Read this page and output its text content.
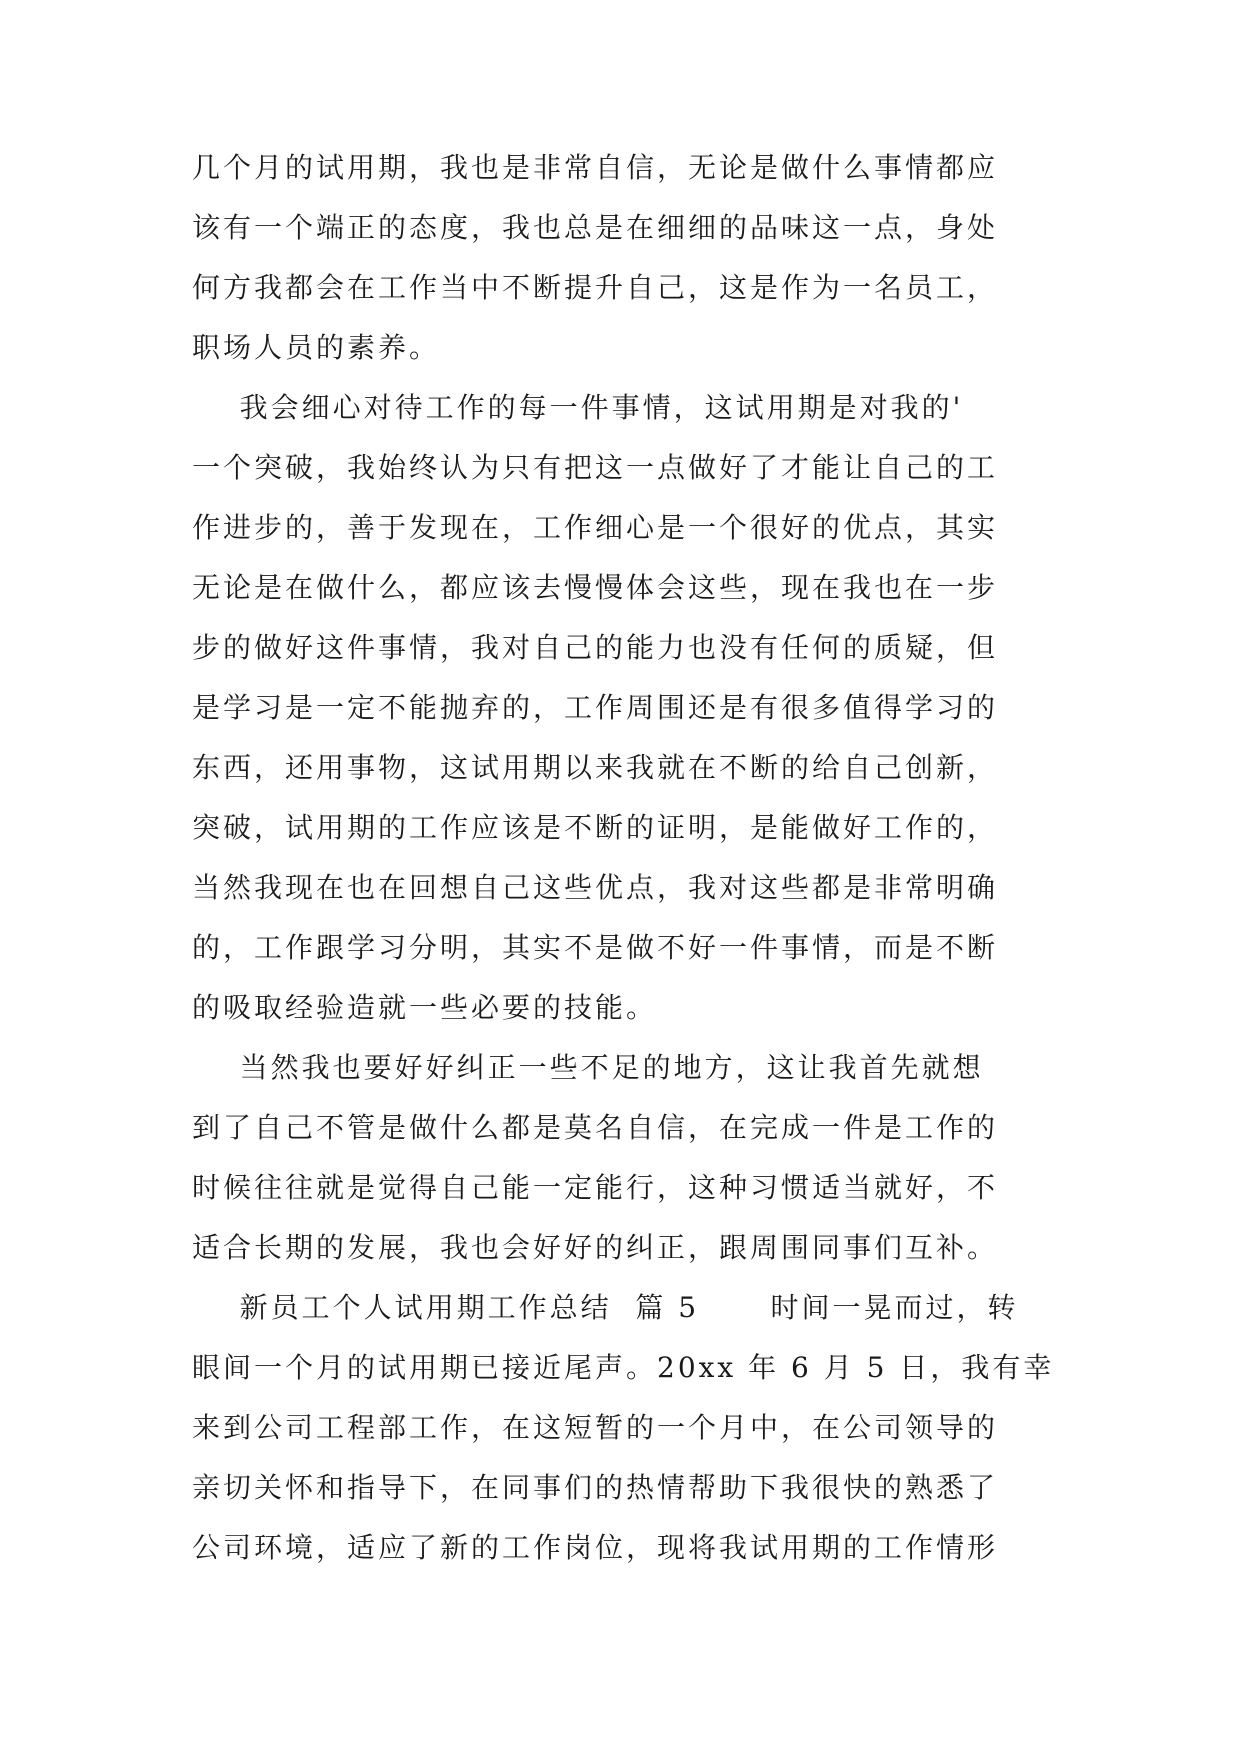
几个月的试用期，我也是非常自信，无论是做什么事情都应
该有一个端正的态度，我也总是在细细的品味这一点，身处
何方我都会在工作当中不断提升自己，这是作为一名员工，
职场人员的素养。
我会细心对待工作的每一件事情，这试用期是对我的'
一个突破，我始终认为只有把这一点做好了才能让自己的工
作进步的，善于发现在，工作细心是一个很好的优点，其实
无论是在做什么，都应该去慢慢体会这些，现在我也在一步
步的做好这件事情，我对自己的能力也没有任何的质疑，但
是学习是一定不能抛弃的，工作周围还是有很多值得学习的
东西，还用事物，这试用期以来我就在不断的给自己创新，
突破，试用期的工作应该是不断的证明，是能做好工作的，
当然我现在也在回想自己这些优点，我对这些都是非常明确
的，工作跟学习分明，其实不是做不好一件事情，而是不断
的吸取经验造就一些必要的技能。
当然我也要好好纠正一些不足的地方，这让我首先就想
到了自己不管是做什么都是莫名自信，在完成一件是工作的
时候往往就是觉得自己能一定能行，这种习惯适当就好，不
适合长期的发展，我也会好好的纠正，跟周围同事们互补。
新员工个人试用期工作总结  篇 5      时间一晃而过，转
眼间一个月的试用期已接近尾声。20xx 年 6 月 5 日，我有幸
来到公司工程部工作，在这短暂的一个月中，在公司领导的
亲切关怀和指导下，在同事们的热情帮助下我很快的熟悉了
公司环境，适应了新的工作岗位，现将我试用期的工作情形
